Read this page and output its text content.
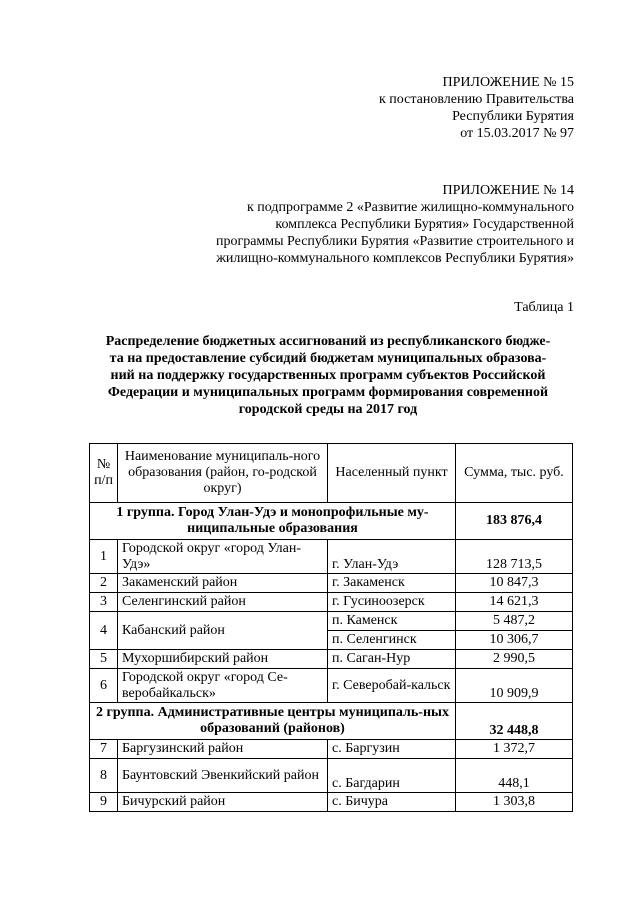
ПРИЛОЖЕНИЕ № 15
к постановлению Правительства
Республики Бурятия
от 15.03.2017 № 97
ПРИЛОЖЕНИЕ № 14
к подпрограмме 2 «Развитие жилищно-коммунального
комплекса Республики Бурятия» Государственной
программы Республики Бурятия «Развитие строительного и
жилищно-коммунального комплексов Республики Бурятия»
Таблица 1
Распределение бюджетных ассигнований из республиканского бюдже-
та на предоставление субсидий бюджетам муниципальных образова-
ний на поддержку государственных программ субъектов Российской
Федерации и муниципальных программ формирования современной
городской среды на 2017 год
№ п/п	Наименование муниципаль-ного образования (район, го-родской округ)	Населенный пункт	Сумма, тыс. руб.
1 группа. Город Улан-Удэ и монопрофильные му-ниципальные образования			183 876,4
1	Городской округ «город Улан-Удэ»	г. Улан-Удэ	128 713,5
2	Закаменский район	г. Закаменск	10 847,3
3	Селенгинский район	г. Гусиноозерск	14 621,3
4	Кабанский район	п. Каменск	5 487,2
		п. Селенгинск	10 306,7
5	Мухоршибирский район	п. Саган-Нур	2 990,5
6	Городской округ «город Се-веробайкальск»	г. Северобай-кальск	10 909,9
2 группа. Административные центры муниципаль-ных образований (районов)			32 448,8
7	Баргузинский район	с. Баргузин	1 372,7
8	Баунтовский Эвенкийский район	с. Багдарин	448,1
9	Бичурский район	с. Бичура	1 303,8
